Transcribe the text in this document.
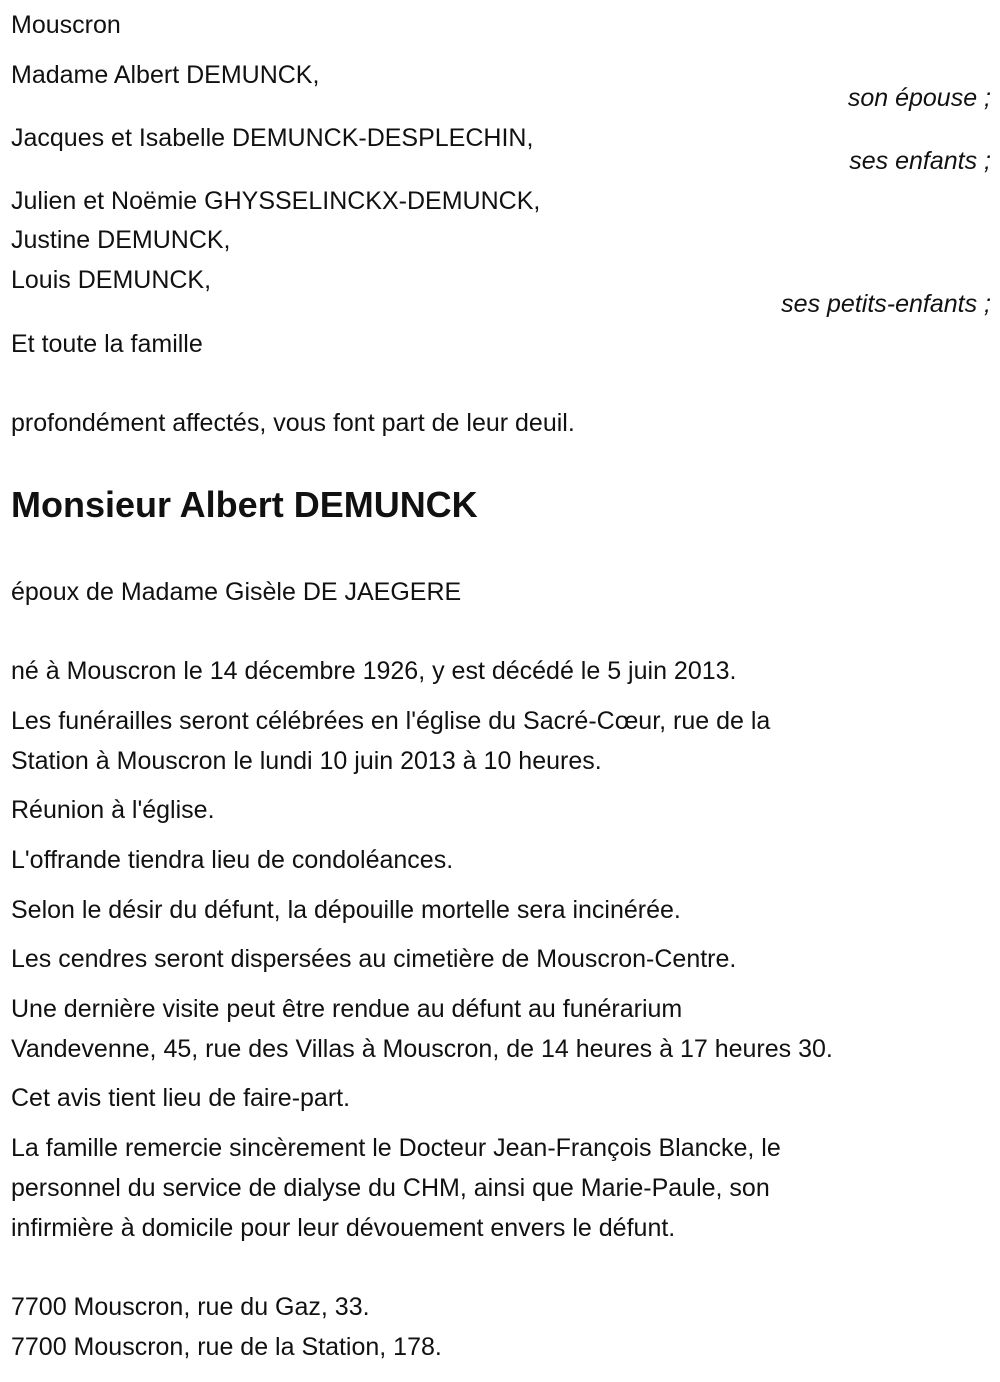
Mouscron
Madame Albert DEMUNCK,
son épouse ;
Jacques et Isabelle DEMUNCK-DESPLECHIN,
ses enfants ;
Julien et Noëmie GHYSSELINCKX-DEMUNCK,
Justine DEMUNCK,
Louis DEMUNCK,
ses petits-enfants ;
Et toute la famille
profondément affectés, vous font part de leur deuil.
Monsieur Albert DEMUNCK
époux de Madame Gisèle DE JAEGERE
né à Mouscron le 14 décembre 1926, y est décédé le 5 juin 2013.
Les funérailles seront célébrées en l'église du Sacré-Cœur, rue de la
Station à Mouscron le lundi 10 juin 2013 à 10 heures.
Réunion à l'église.
L'offrande tiendra lieu de condoléances.
Selon le désir du défunt, la dépouille mortelle sera incinérée.
Les cendres seront dispersées au cimetière de Mouscron-Centre.
Une dernière visite peut être rendue au défunt au funérarium
Vandevenne, 45, rue des Villas à Mouscron, de 14 heures à 17 heures 30.
Cet avis tient lieu de faire-part.
La famille remercie sincèrement le Docteur Jean-François Blancke, le
personnel du service de dialyse du CHM, ainsi que Marie-Paule, son
infirmière à domicile pour leur dévouement envers le défunt.
7700 Mouscron, rue du Gaz, 33.
7700 Mouscron, rue de la Station, 178.
